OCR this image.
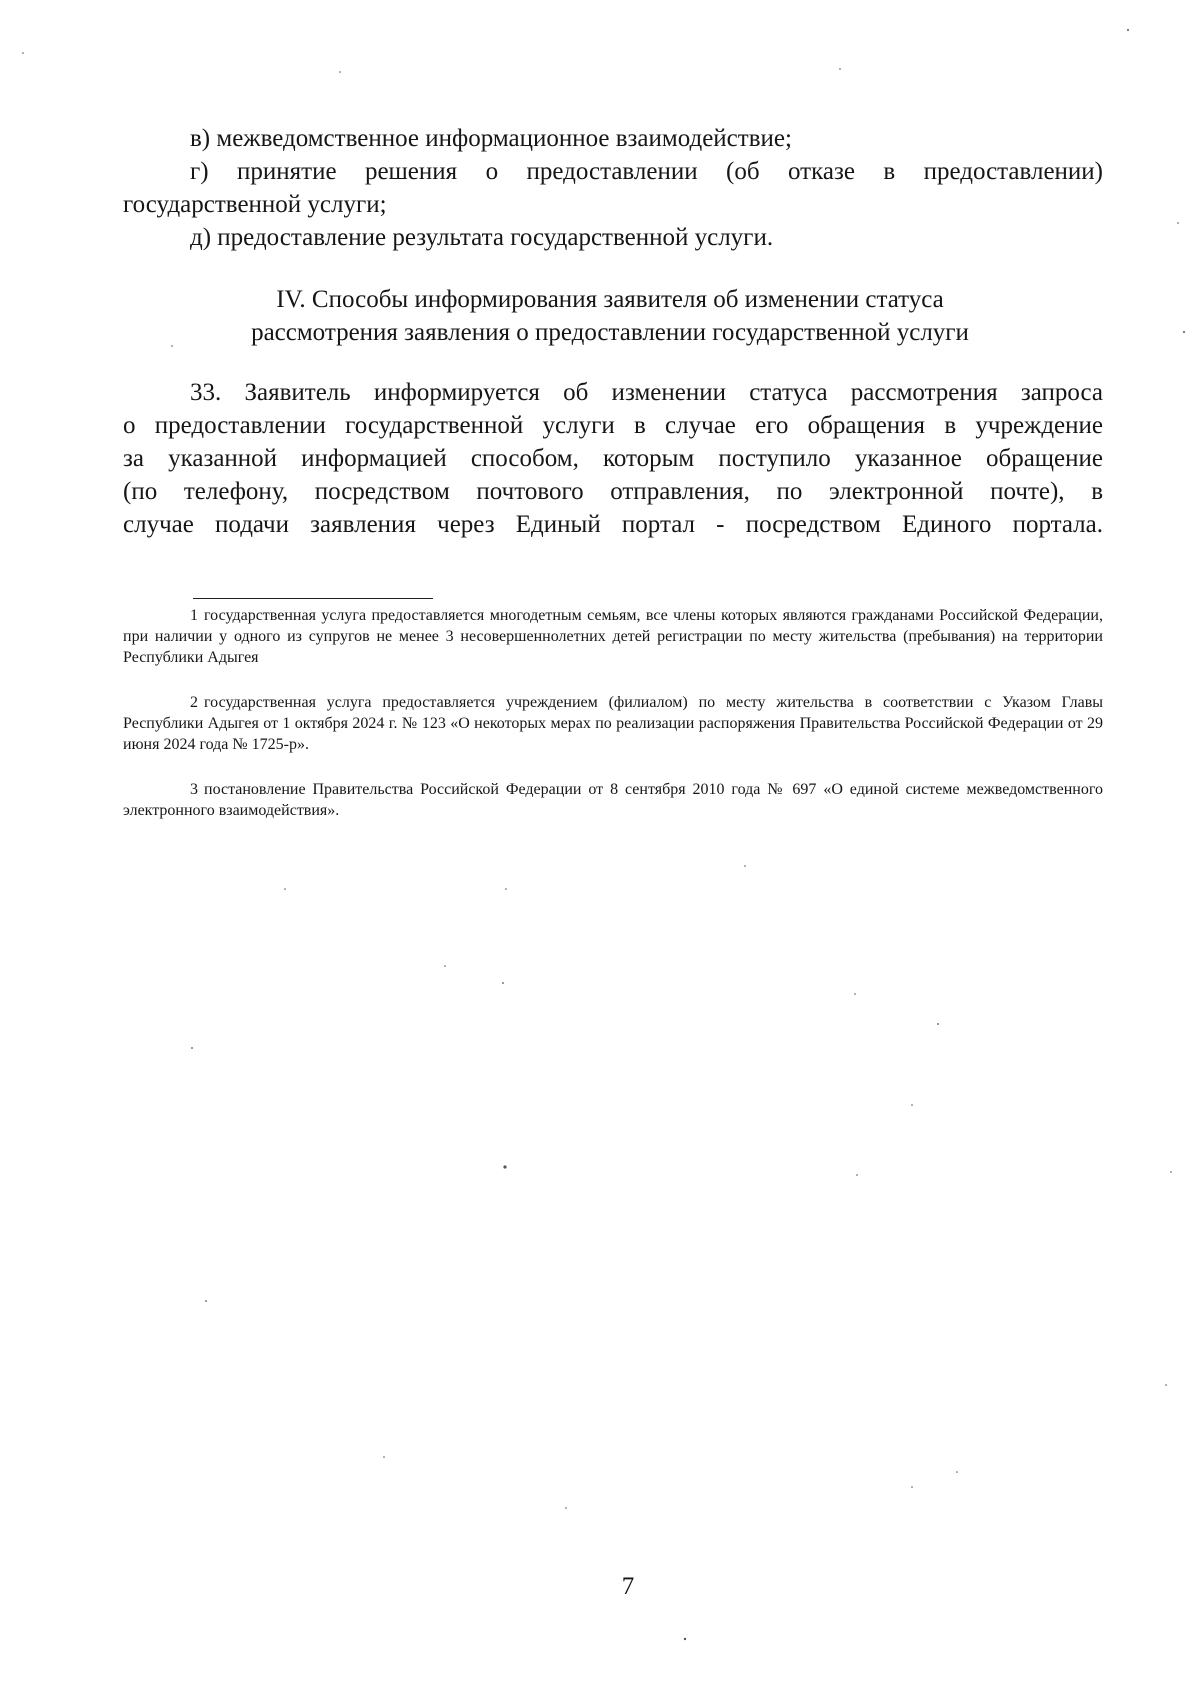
в) межведомственное информационное взаимодействие;
г) принятие решения о предоставлении (об отказе в предоставлении) государственной услуги;
д) предоставление результата государственной услуги.
IV. Способы информирования заявителя об изменении статуса
рассмотрения заявления о предоставлении государственной услуги
33. Заявитель информируется об изменении статуса рассмотрения запроса
о предоставлении государственной услуги в случае его обращения в учреждение
за указанной информацией способом, которым поступило указанное обращение
(по телефону, посредством почтового отправления, по электронной почте), в
случае подачи заявления через Единый портал - посредством Единого портала.
1 государственная услуга предоставляется многодетным семьям, все члены которых являются гражданами Российской Федерации, при наличии у одного из супругов не менее 3 несовершеннолетних детей регистрации по месту жительства (пребывания) на территории Республики Адыгея
2 государственная услуга предоставляется учреждением (филиалом) по месту жительства в соответствии с Указом Главы Республики Адыгея от 1 октября 2024 г. № 123 «О некоторых мерах по реализации распоряжения Правительства Российской Федерации от 29 июня 2024 года № 1725-р».
3 постановление Правительства Российской Федерации от 8 сентября 2010 года № 697 «О единой системе межведомственного электронного взаимодействия».
7
